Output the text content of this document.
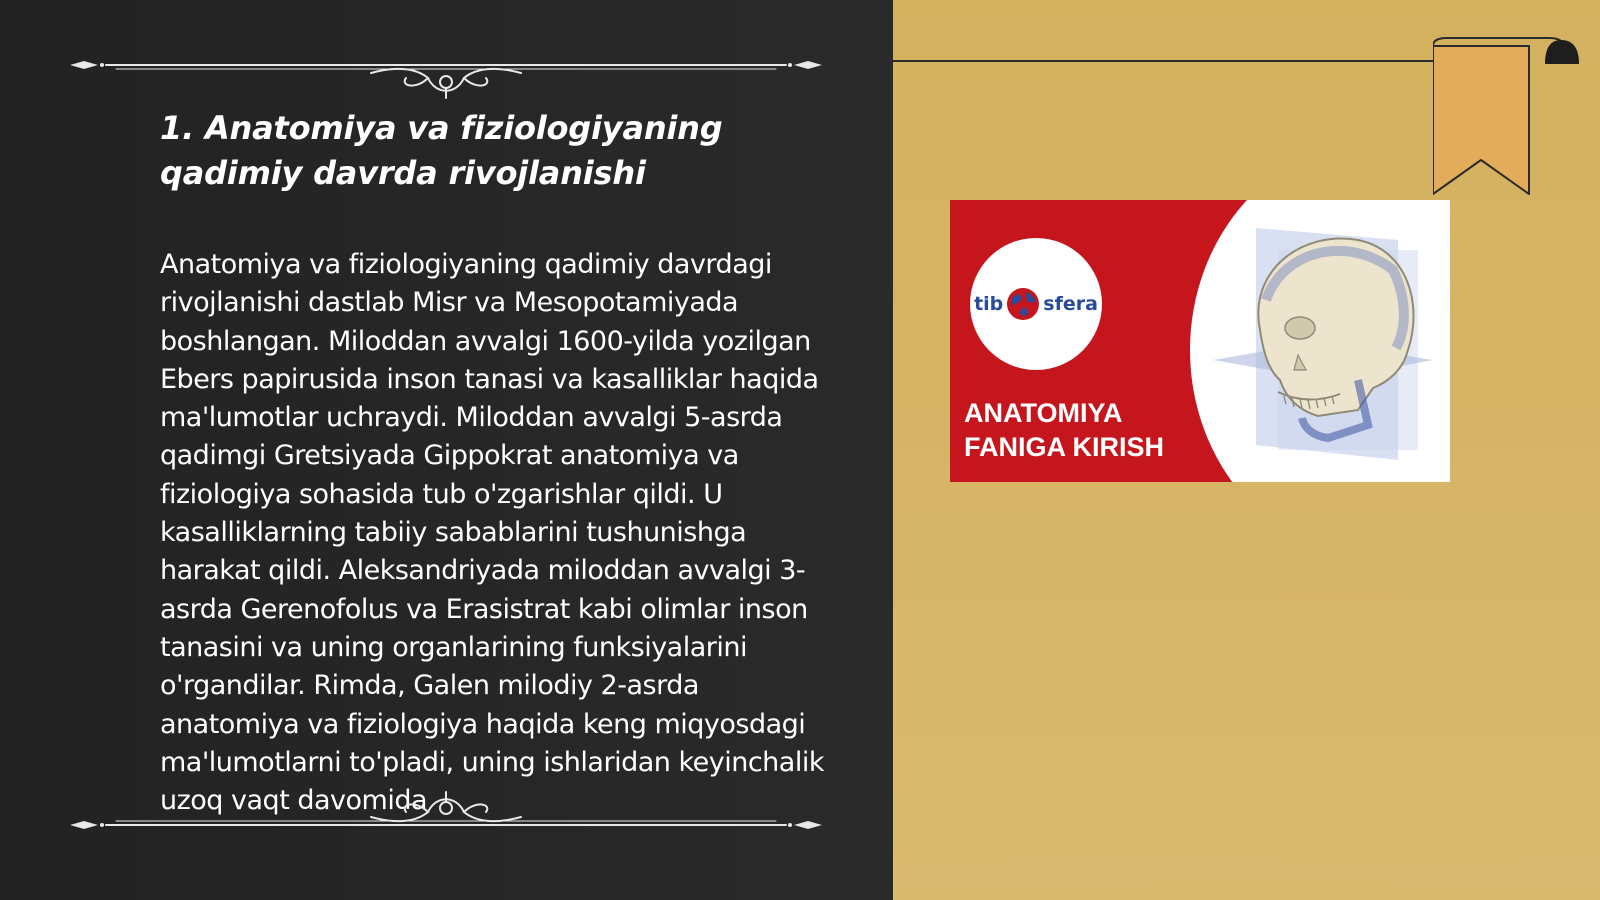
1. Anatomiya va fiziologiyaning qadimiy davrda rivojlanishi

Anatomiya va fiziologiyaning qadimiy davrdagi rivojlanishi dastlab Misr va Mesopotamiyada boshlangan. Miloddan avvalgi 1600-yilda yozilgan Ebers papirusida inson tanasi va kasalliklar haqida ma'lumotlar uchraydi. Miloddan avvalgi 5-asrda qadimgi Gretsiyada Gippokrat anatomiya va fiziologiya sohasida tub o'zgarishlar qildi. U kasalliklarning tabiiy sabablarini tushunishga harakat qildi. Aleksandriyada miloddan avvalgi 3-asrda Gerenofolus va Erasistrat kabi olimlar inson tanasini va uning organlarining funksiyalarini o'rgandilar. Rimda, Galen milodiy 2-asrda anatomiya va fiziologiya haqida keng miqyosdagi ma'lumotlarni to'pladi, uning ishlaridan keyinchalik uzoq vaqt davomida

tib sfera

ANATOMIYA
FANIGA KIRISH
